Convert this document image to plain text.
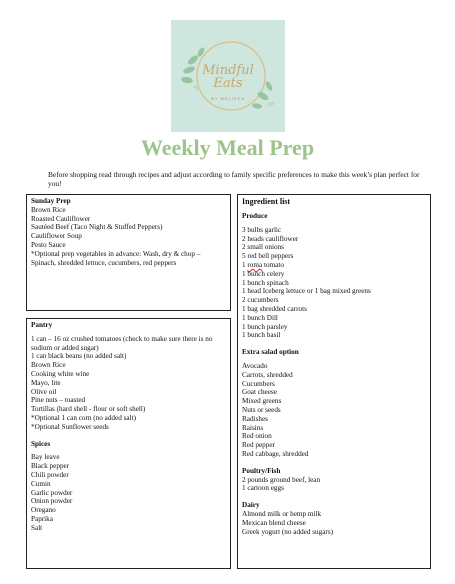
Mindful
Eats
BY MELISSA
Weekly Meal Prep
Before shopping read through recipes and adjust according to family specific preferences to make this week’s plan perfect for you!
Sunday Prep
Brown Rice
Roasted Cauliflower
Sautéed Beef (Taco Night & Stuffed Peppers)
Cauliflower Soup
Pesto Sauce
*Optional prep vegetables in advance: Wash, dry & chop – Spinach, shredded lettuce, cucumbers, red peppers
Pantry
1 can – 16 oz crushed tomatoes (check to make sure there is no sodium or added sugar)
1 can black beans (no added salt)
Brown Rice
Cooking white wine
Mayo, lite
Olive oil
Pine nuts – toasted
Tortillas (hard shell - flour or soft shell)
*Optional 1 can corn (no added salt)
*Optional Sunflower seeds
Spices
Bay leave
Black pepper
Chili powder
Cumin
Garlic powder
Onion powder
Oregano
Paprika
Salt
Ingredient list
Produce
3 bulbs garlic
2 heads cauliflower
2 small onions
5 red bell peppers
1 roma tomato
1 bunch celery
1 bunch spinach
1 head Iceberg lettuce or 1 bag mixed greens
2 cucumbers
1 bag shredded carrots
1 bunch Dill
1 bunch parsley
1 bunch basil
Extra salad option
Avocado
Carrots, shredded
Cucumbers
Goat cheese
Mixed greens
Nuts or seeds
Radishes
Raisins
Red onion
Red pepper
Red cabbage, shredded
Poultry/Fish
2 pounds ground beef, lean
1 cartoon eggs
Dairy
Almond milk or hemp milk
Mexican blend cheese
Greek yogurt (no added sugars)
